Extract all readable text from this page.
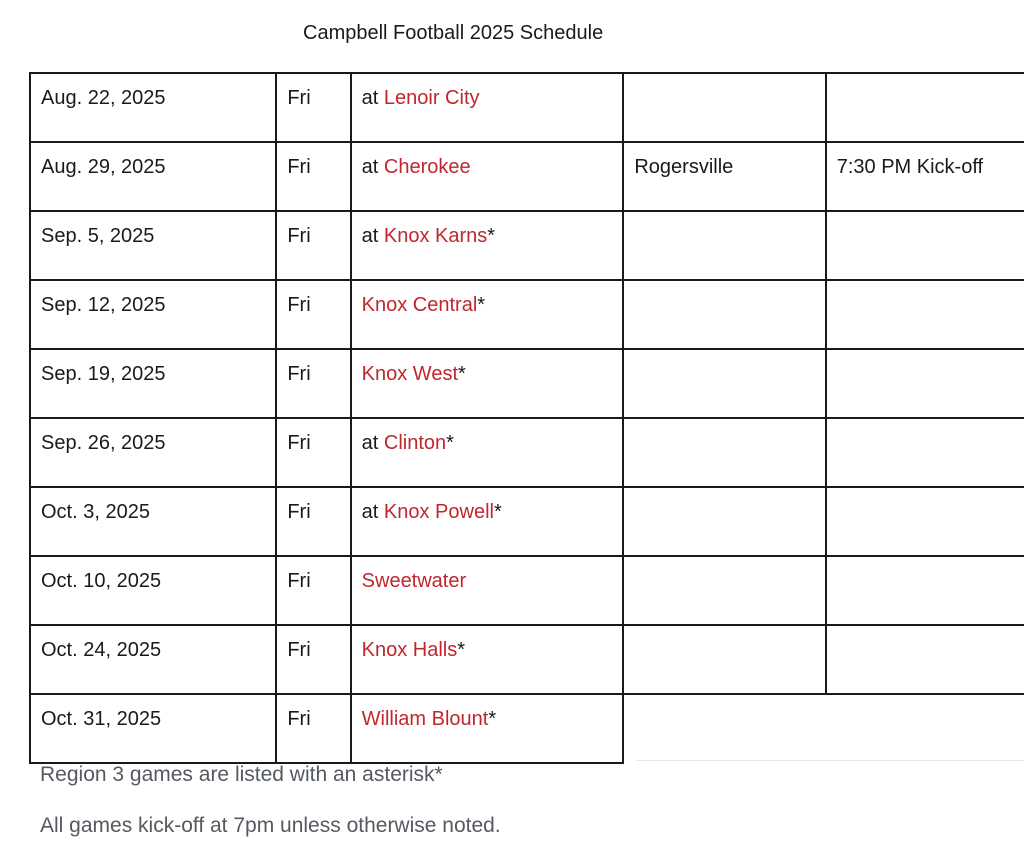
Campbell Football 2025 Schedule
Aug. 22, 2025	Fri	at Lenoir City		
Aug. 29, 2025	Fri	at Cherokee	Rogersville	7:30 PM Kick-off
Sep. 5, 2025	Fri	at Knox Karns*		
Sep. 12, 2025	Fri	Knox Central*		
Sep. 19, 2025	Fri	Knox West*		
Sep. 26, 2025	Fri	at Clinton*		
Oct. 3, 2025	Fri	at Knox Powell*		
Oct. 10, 2025	Fri	Sweetwater		
Oct. 24, 2025	Fri	Knox Halls*		
Oct. 31, 2025	Fri	William Blount*		
Region 3 games are listed with an asterisk*
All games kick-off at 7pm unless otherwise noted.
